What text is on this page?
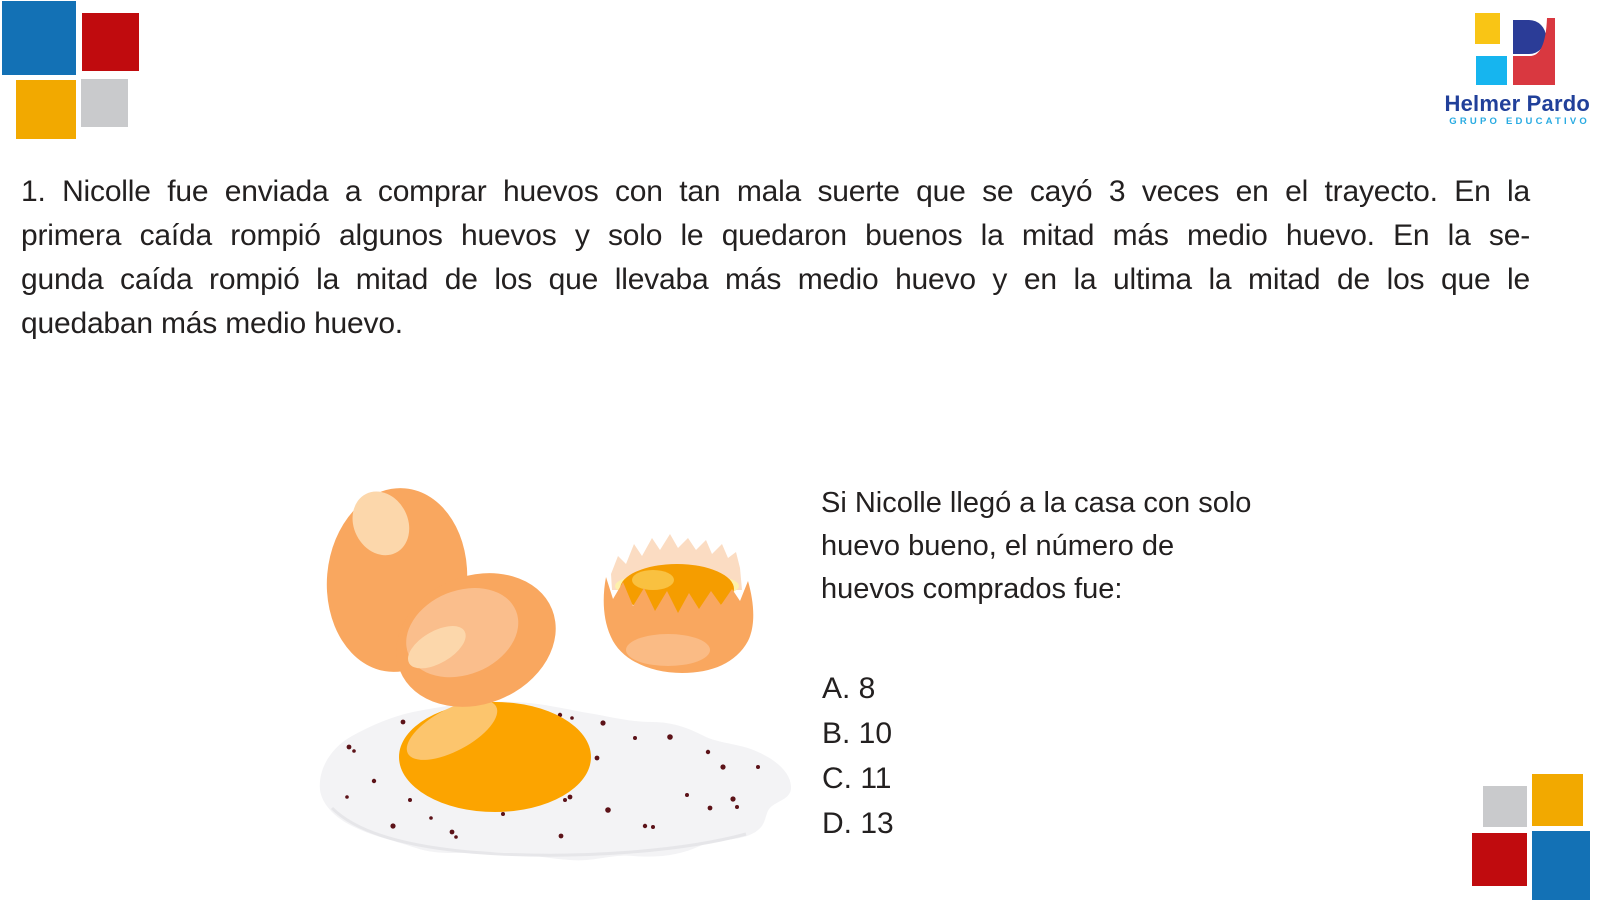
Helmer Pardo
GRUPO EDUCATIVO
1. Nicolle fue enviada a comprar huevos con tan mala suerte que se cayó 3 veces en el trayecto. En la
primera caída rompió algunos huevos y solo le quedaron buenos la mitad más medio huevo. En la se-
gunda caída rompió la mitad de los que llevaba más medio huevo y en la ultima la mitad de los que le
quedaban más medio huevo.
Si Nicolle llegó a la casa con solo
huevo bueno, el número de
huevos comprados fue:
A. 8
B. 10
C. 11
D. 13
